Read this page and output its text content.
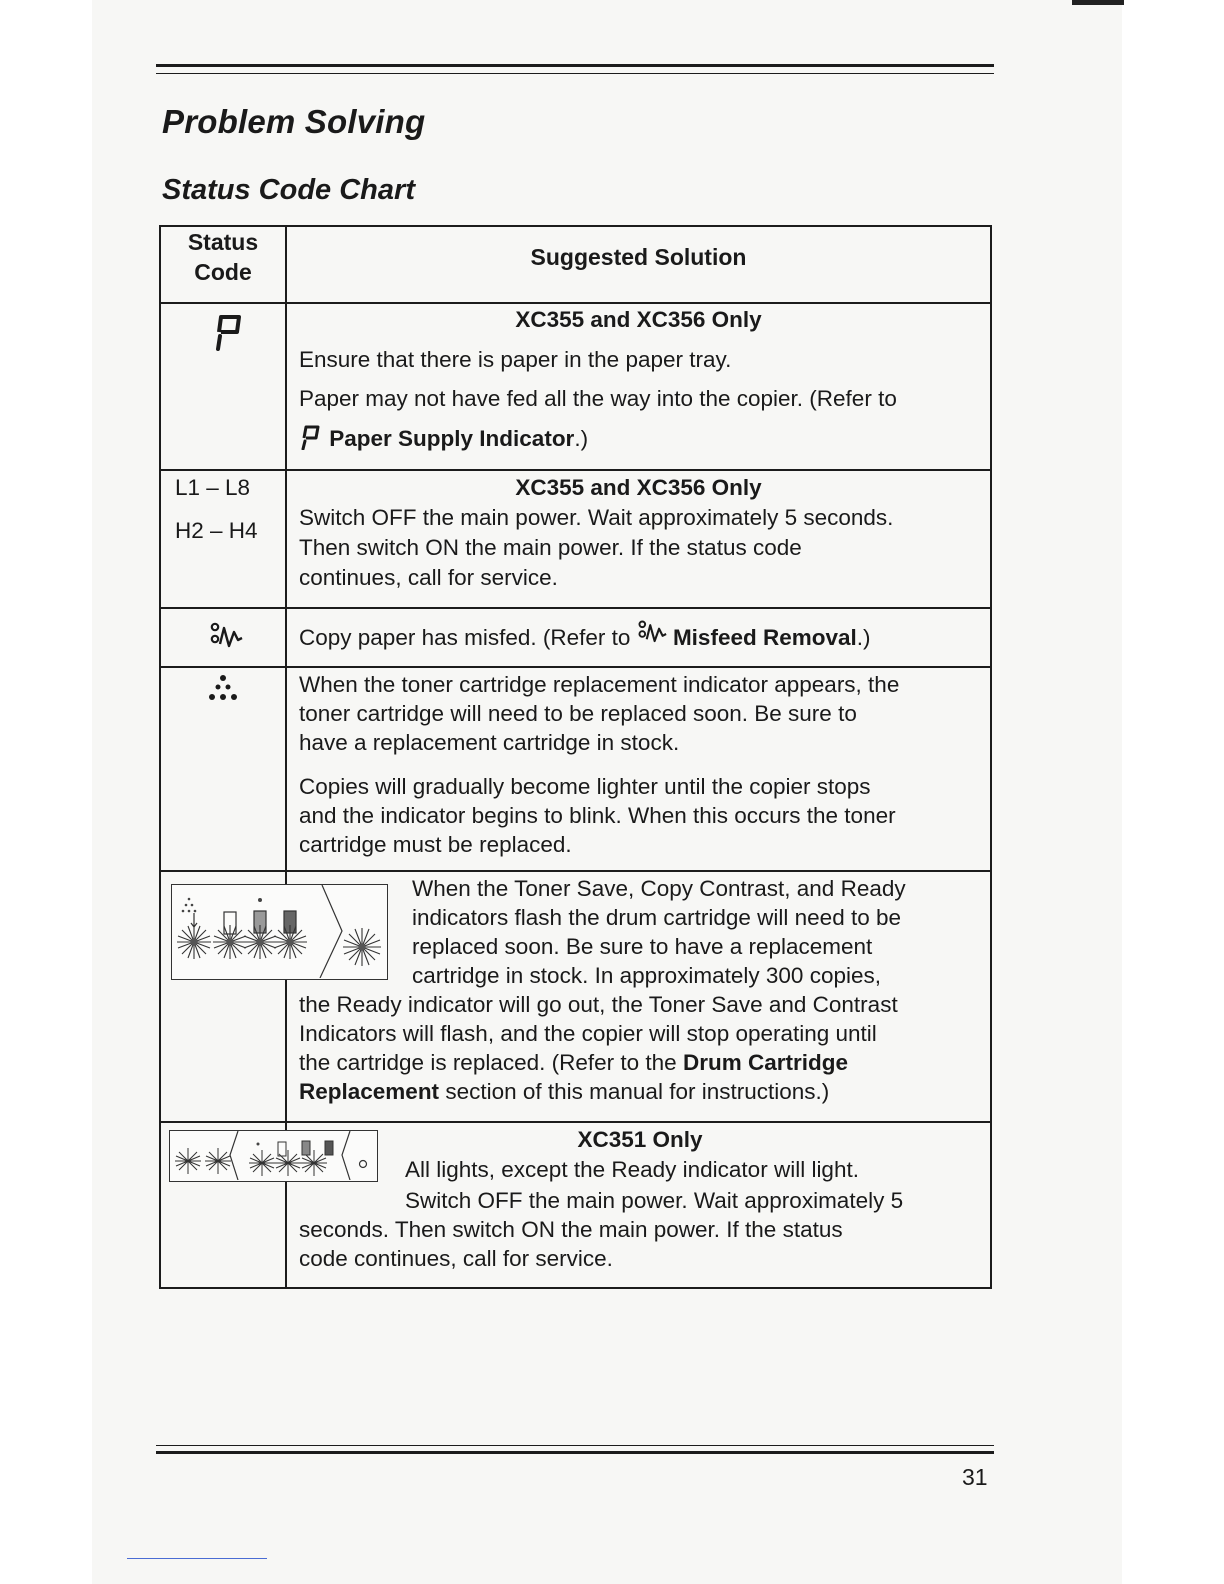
Problem Solving
Status Code Chart
Status
Code
Suggested Solution
XC355 and XC356 Only
Ensure that there is paper in the paper tray.
Paper may not have fed all the way into the copier. (Refer to
Paper Supply Indicator.)
L1 – L8
H2 – H4
XC355 and XC356 Only
Switch OFF the main power. Wait approximately 5 seconds.
Then switch ON the main power. If the status code
continues, call for service.
Copy paper has misfed. (Refer to Misfeed Removal.)
When the toner cartridge replacement indicator appears, the
toner cartridge will need to be replaced soon. Be sure to
have a replacement cartridge in stock.
Copies will gradually become lighter until the copier stops
and the indicator begins to blink. When this occurs the toner
cartridge must be replaced.
When the Toner Save, Copy Contrast, and Ready
indicators flash the drum cartridge will need to be
replaced soon. Be sure to have a replacement
cartridge in stock. In approximately 300 copies,
the Ready indicator will go out, the Toner Save and Contrast
Indicators will flash, and the copier will stop operating until
the cartridge is replaced. (Refer to the Drum Cartridge
Replacement section of this manual for instructions.)
XC351 Only
All lights, except the Ready indicator will light.
Switch OFF the main power. Wait approximately 5
seconds. Then switch ON the main power. If the status
code continues, call for service.
31
